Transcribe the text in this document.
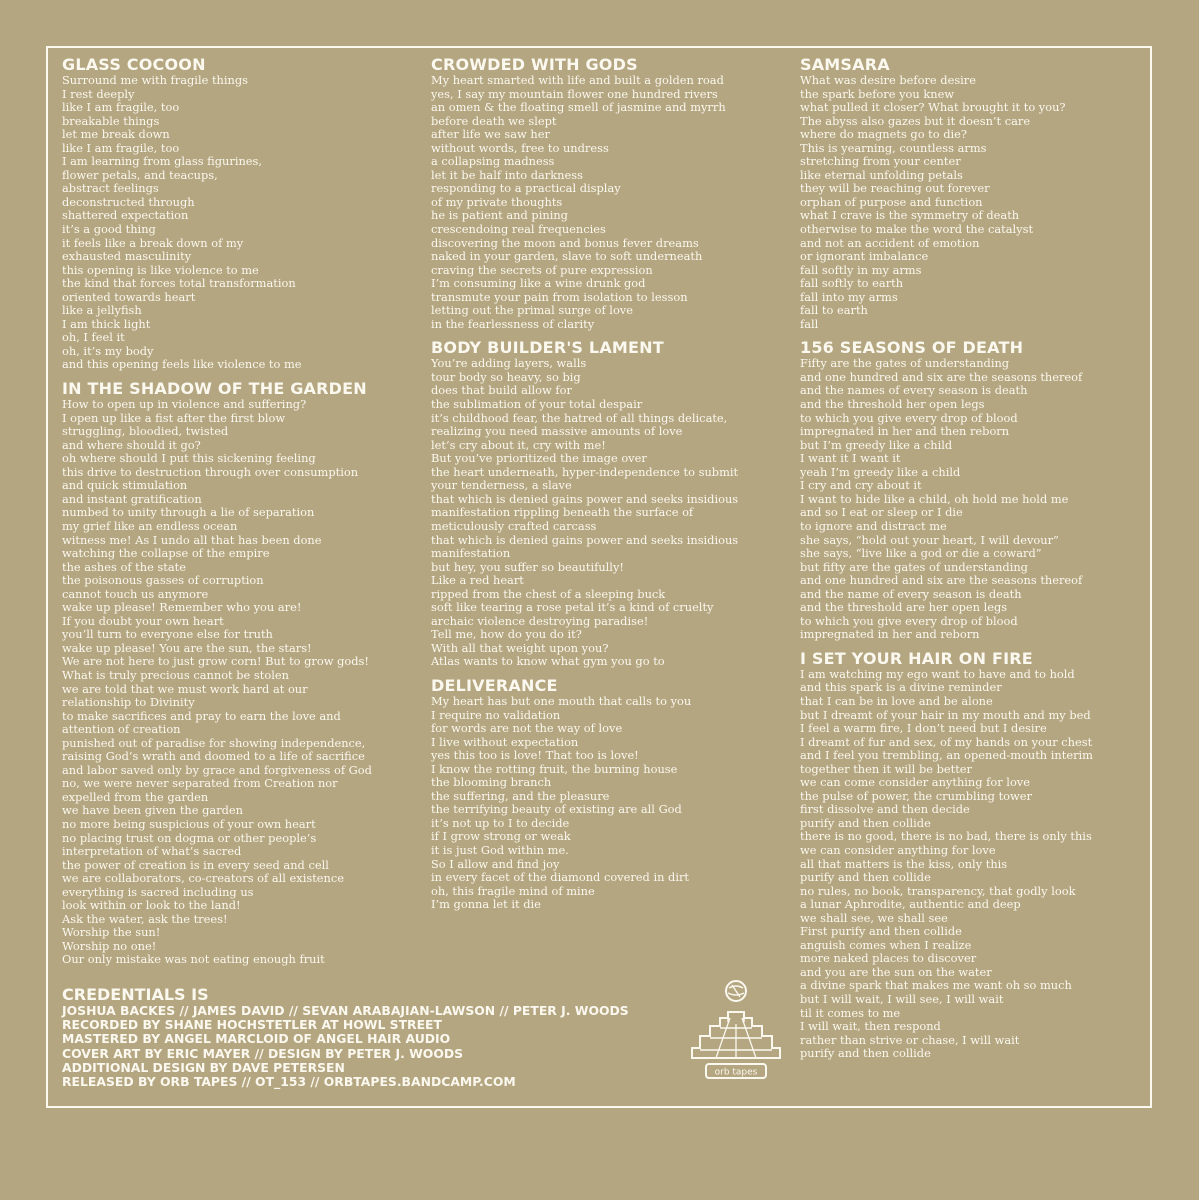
GLASS COCOON
Surround me with fragile things
I rest deeply
like I am fragile, too
breakable things
let me break down
like I am fragile, too
I am learning from glass figurines,
flower petals, and teacups,
abstract feelings
deconstructed through
shattered expectation
it’s a good thing
it feels like a break down of my
exhausted masculinity
this opening is like violence to me
the kind that forces total transformation
oriented towards heart
like a jellyfish
I am thick light
oh, I feel it
oh, it’s my body
and this opening feels like violence to me
IN THE SHADOW OF THE GARDEN
How to open up in violence and suffering?
I open up like a fist after the first blow
struggling, bloodied, twisted
and where should it go?
oh where should I put this sickening feeling
this drive to destruction through over consumption
and quick stimulation
and instant gratification
numbed to unity through a lie of separation
my grief like an endless ocean
witness me! As I undo all that has been done
watching the collapse of the empire
the ashes of the state
the poisonous gasses of corruption
cannot touch us anymore
wake up please! Remember who you are!
If you doubt your own heart
you’ll turn to everyone else for truth
wake up please! You are the sun, the stars!
We are not here to just grow corn! But to grow gods!
What is truly precious cannot be stolen
we are told that we must work hard at our
relationship to Divinity
to make sacrifices and pray to earn the love and
attention of creation
punished out of paradise for showing independence,
raising God’s wrath and doomed to a life of sacrifice
and labor saved only by grace and forgiveness of God
no, we were never separated from Creation nor
expelled from the garden
we have been given the garden
no more being suspicious of your own heart
no placing trust on dogma or other people’s
interpretation of what’s sacred
the power of creation is in every seed and cell
we are collaborators, co-creators of all existence
everything is sacred including us
look within or look to the land!
Ask the water, ask the trees!
Worship the sun!
Worship no one!
Our only mistake was not eating enough fruit
CROWDED WITH GODS
My heart smarted with life and built a golden road
yes, I say my mountain flower one hundred rivers
an omen & the floating smell of jasmine and myrrh
before death we slept
after life we saw her
without words, free to undress
a collapsing madness
let it be half into darkness
responding to a practical display
of my private thoughts
he is patient and pining
crescendoing real frequencies
discovering the moon and bonus fever dreams
naked in your garden, slave to soft underneath
craving the secrets of pure expression
I’m consuming like a wine drunk god
transmute your pain from isolation to lesson
letting out the primal surge of love
in the fearlessness of clarity
BODY BUILDER'S LAMENT
You’re adding layers, walls
tour body so heavy, so big
does that build allow for
the sublimation of your total despair
it’s childhood fear, the hatred of all things delicate,
realizing you need massive amounts of love
let’s cry about it, cry with me!
But you’ve prioritized the image over
the heart underneath, hyper-independence to submit
your tenderness, a slave
that which is denied gains power and seeks insidious
manifestation rippling beneath the surface of
meticulously crafted carcass
that which is denied gains power and seeks insidious
manifestation
but hey, you suffer so beautifully!
Like a red heart
ripped from the chest of a sleeping buck
soft like tearing a rose petal it’s a kind of cruelty
archaic violence destroying paradise!
Tell me, how do you do it?
With all that weight upon you?
Atlas wants to know what gym you go to
DELIVERANCE
My heart has but one mouth that calls to you
I require no validation
for words are not the way of love
I live without expectation
yes this too is love! That too is love!
I know the rotting fruit, the burning house
the blooming branch
the suffering, and the pleasure
the terrifying beauty of existing are all God
it’s not up to I to decide
if I grow strong or weak
it is just God within me.
So I allow and find joy
in every facet of the diamond covered in dirt
oh, this fragile mind of mine
I’m gonna let it die
SAMSARA
What was desire before desire
the spark before you knew
what pulled it closer? What brought it to you?
The abyss also gazes but it doesn’t care
where do magnets go to die?
This is yearning, countless arms
stretching from your center
like eternal unfolding petals
they will be reaching out forever
orphan of purpose and function
what I crave is the symmetry of death
otherwise to make the word the catalyst
and not an accident of emotion
or ignorant imbalance
fall softly in my arms
fall softly to earth
fall into my arms
fall to earth
fall
156 SEASONS OF DEATH
Fifty are the gates of understanding
and one hundred and six are the seasons thereof
and the names of every season is death
and the threshold her open legs
to which you give every drop of blood
impregnated in her and then reborn
but I’m greedy like a child
I want it I want it
yeah I’m greedy like a child
I cry and cry about it
I want to hide like a child, oh hold me hold me
and so I eat or sleep or I die
to ignore and distract me
she says, “hold out your heart, I will devour”
she says, “live like a god or die a coward”
but fifty are the gates of understanding
and one hundred and six are the seasons thereof
and the name of every season is death
and the threshold are her open legs
to which you give every drop of blood
impregnated in her and reborn
I SET YOUR HAIR ON FIRE
I am watching my ego want to have and to hold
and this spark is a divine reminder
that I can be in love and be alone
but I dreamt of your hair in my mouth and my bed
I feel a warm fire, I don’t need but I desire
I dreamt of fur and sex, of my hands on your chest
and I feel you trembling, an opened-mouth interim
together then it will be better
we can come consider anything for love
the pulse of power, the crumbling tower
first dissolve and then decide
purify and then collide
there is no good, there is no bad, there is only this
we can consider anything for love
all that matters is the kiss, only this
purify and then collide
no rules, no book, transparency, that godly look
a lunar Aphrodite, authentic and deep
we shall see, we shall see
First purify and then collide
anguish comes when I realize
more naked places to discover
and you are the sun on the water
a divine spark that makes me want oh so much
but I will wait, I will see, I will wait
til it comes to me
I will wait, then respond
rather than strive or chase, I will wait
purify and then collide
CREDENTIALS IS
JOSHUA BACKES // JAMES DAVID // SEVAN ARABAJIAN-LAWSON // PETER J. WOODS
RECORDED BY SHANE HOCHSTETLER AT HOWL STREET
MASTERED BY ANGEL MARCLOID OF ANGEL HAIR AUDIO
COVER ART BY ERIC MAYER // DESIGN BY PETER J. WOODS
ADDITIONAL DESIGN BY DAVE PETERSEN
RELEASED BY ORB TAPES // OT_153 // ORBTAPES.BANDCAMP.COM
orb tapes
